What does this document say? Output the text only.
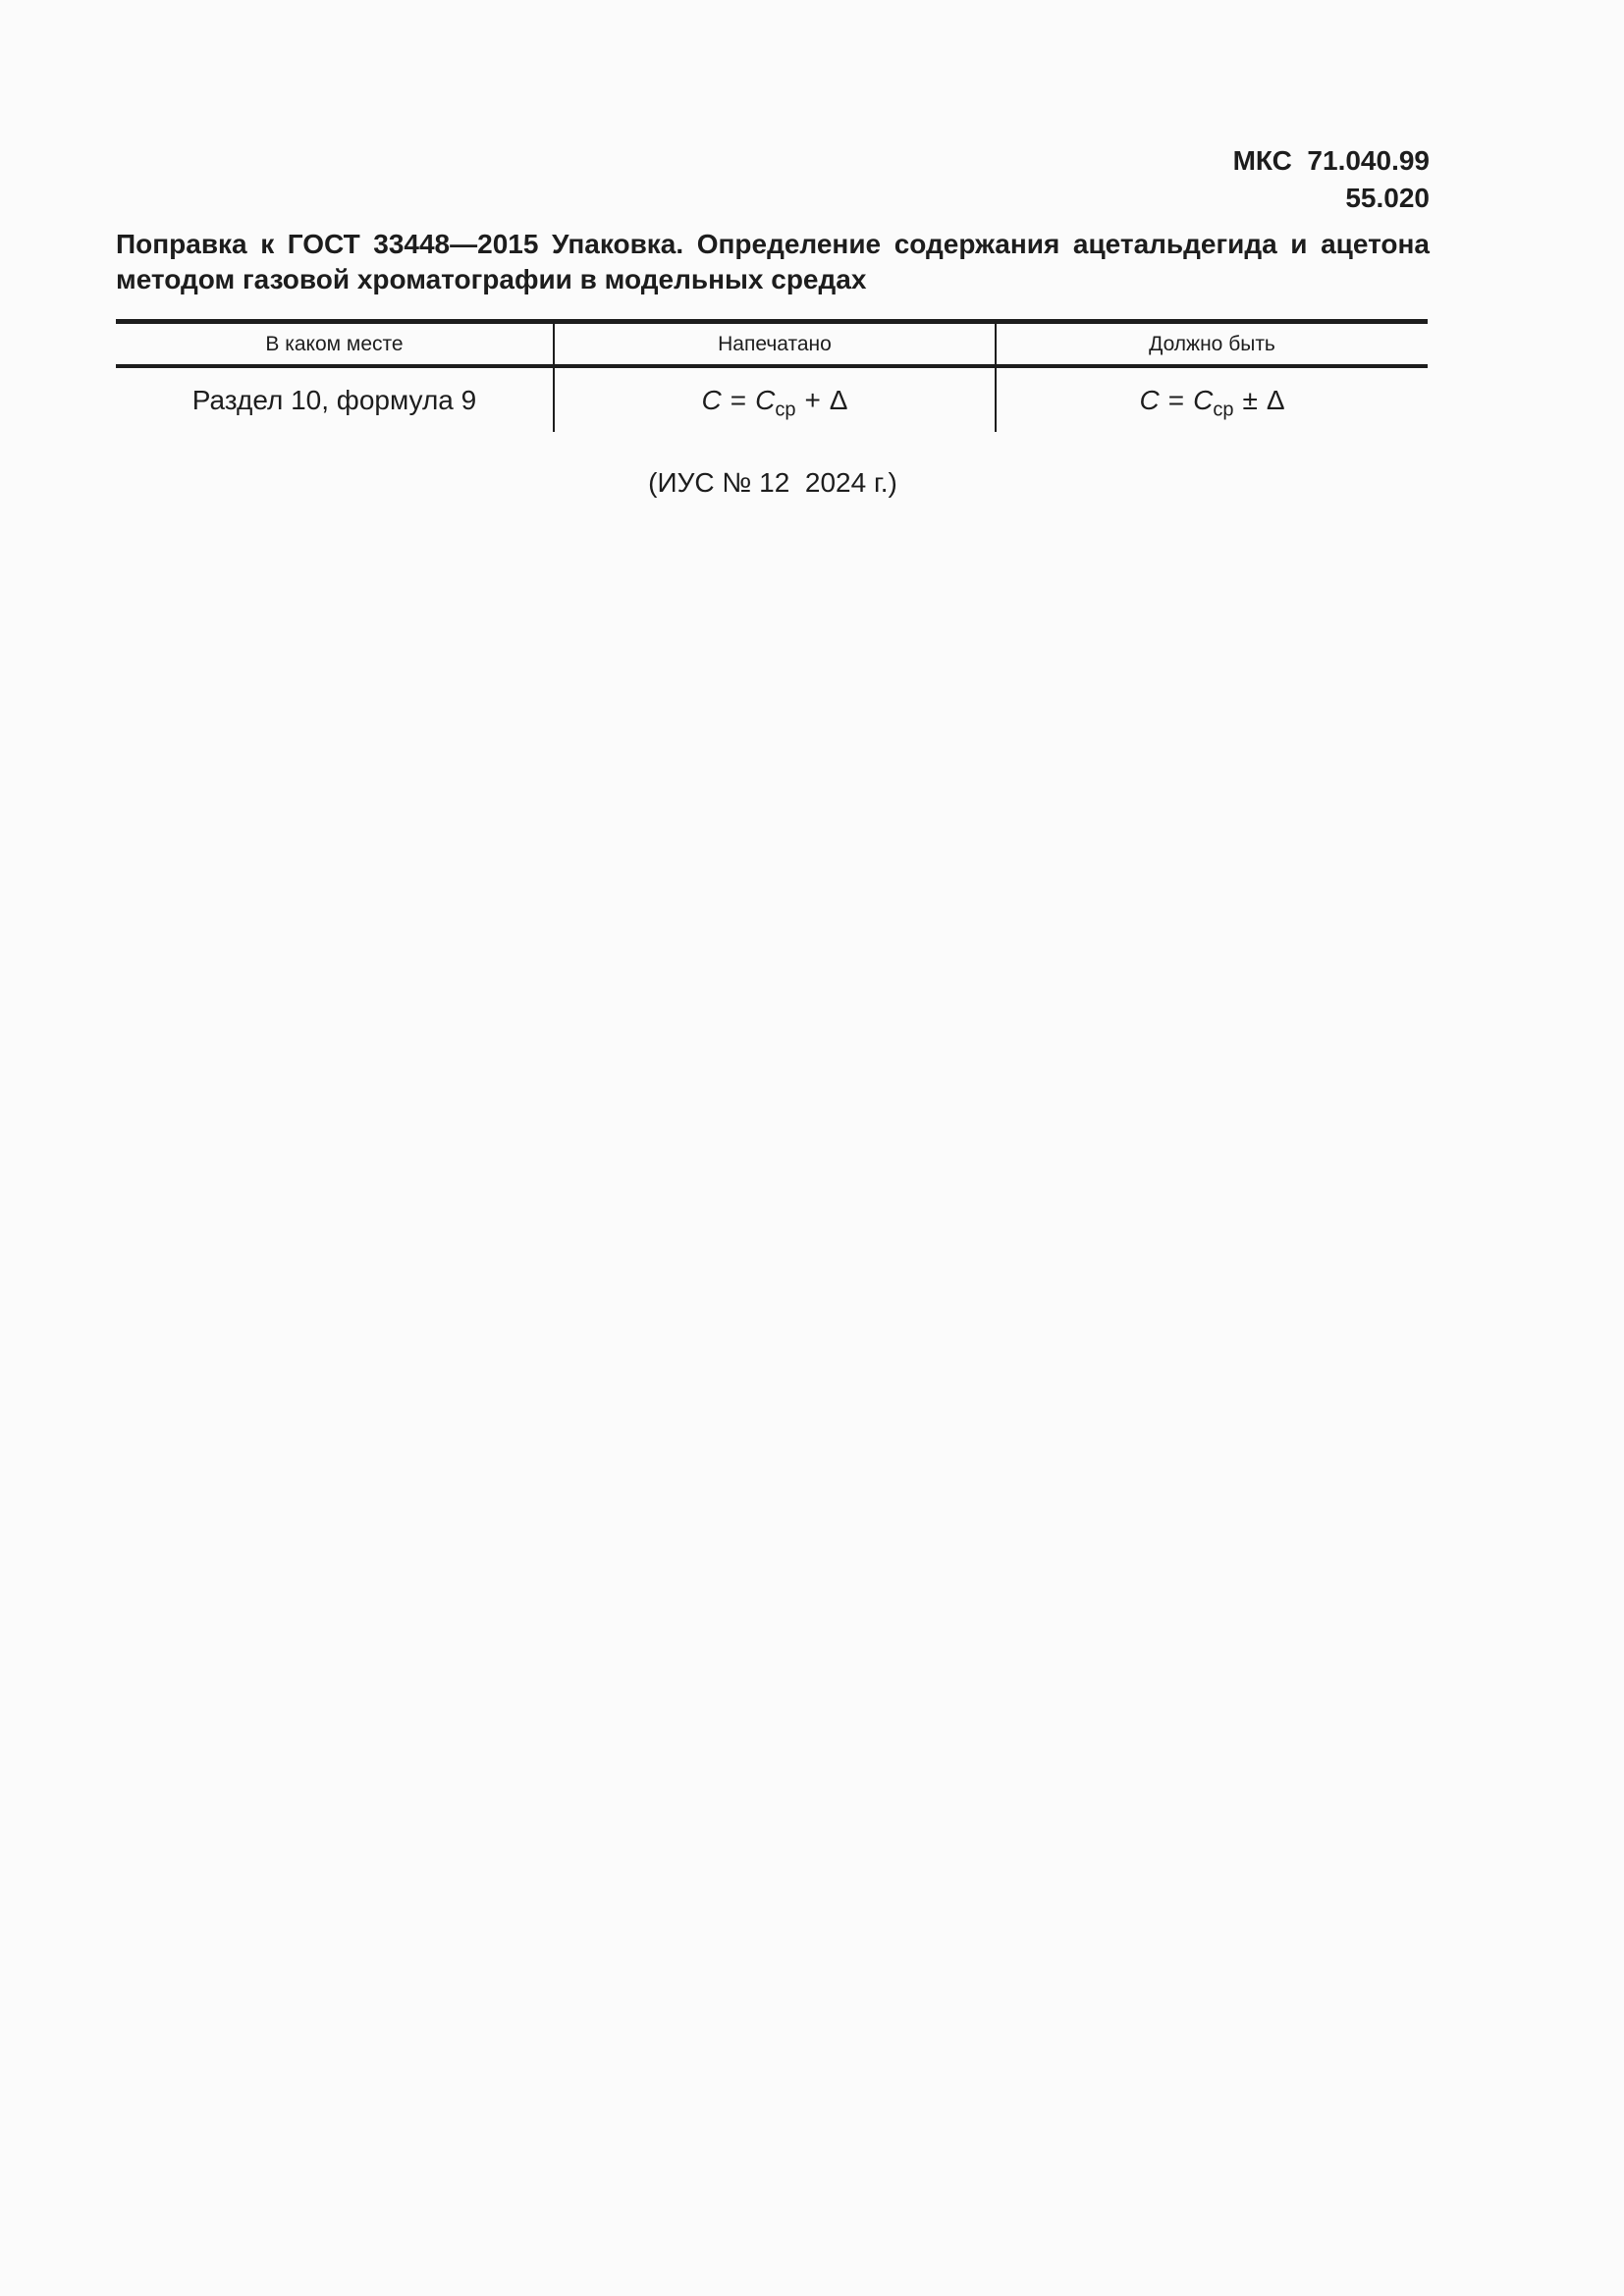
МКС  71.040.99
55.020
Поправка к ГОСТ 33448—2015 Упаковка. Определение содержания ацетальдегида и ацетона
методом газовой хроматографии в модельных средах
В каком месте	Напечатано	Должно быть
Раздел 10, формула 9	$C = C_{ср} + \Delta$	$C = C_{ср} \pm \Delta$
(ИУС № 12  2024 г.)
